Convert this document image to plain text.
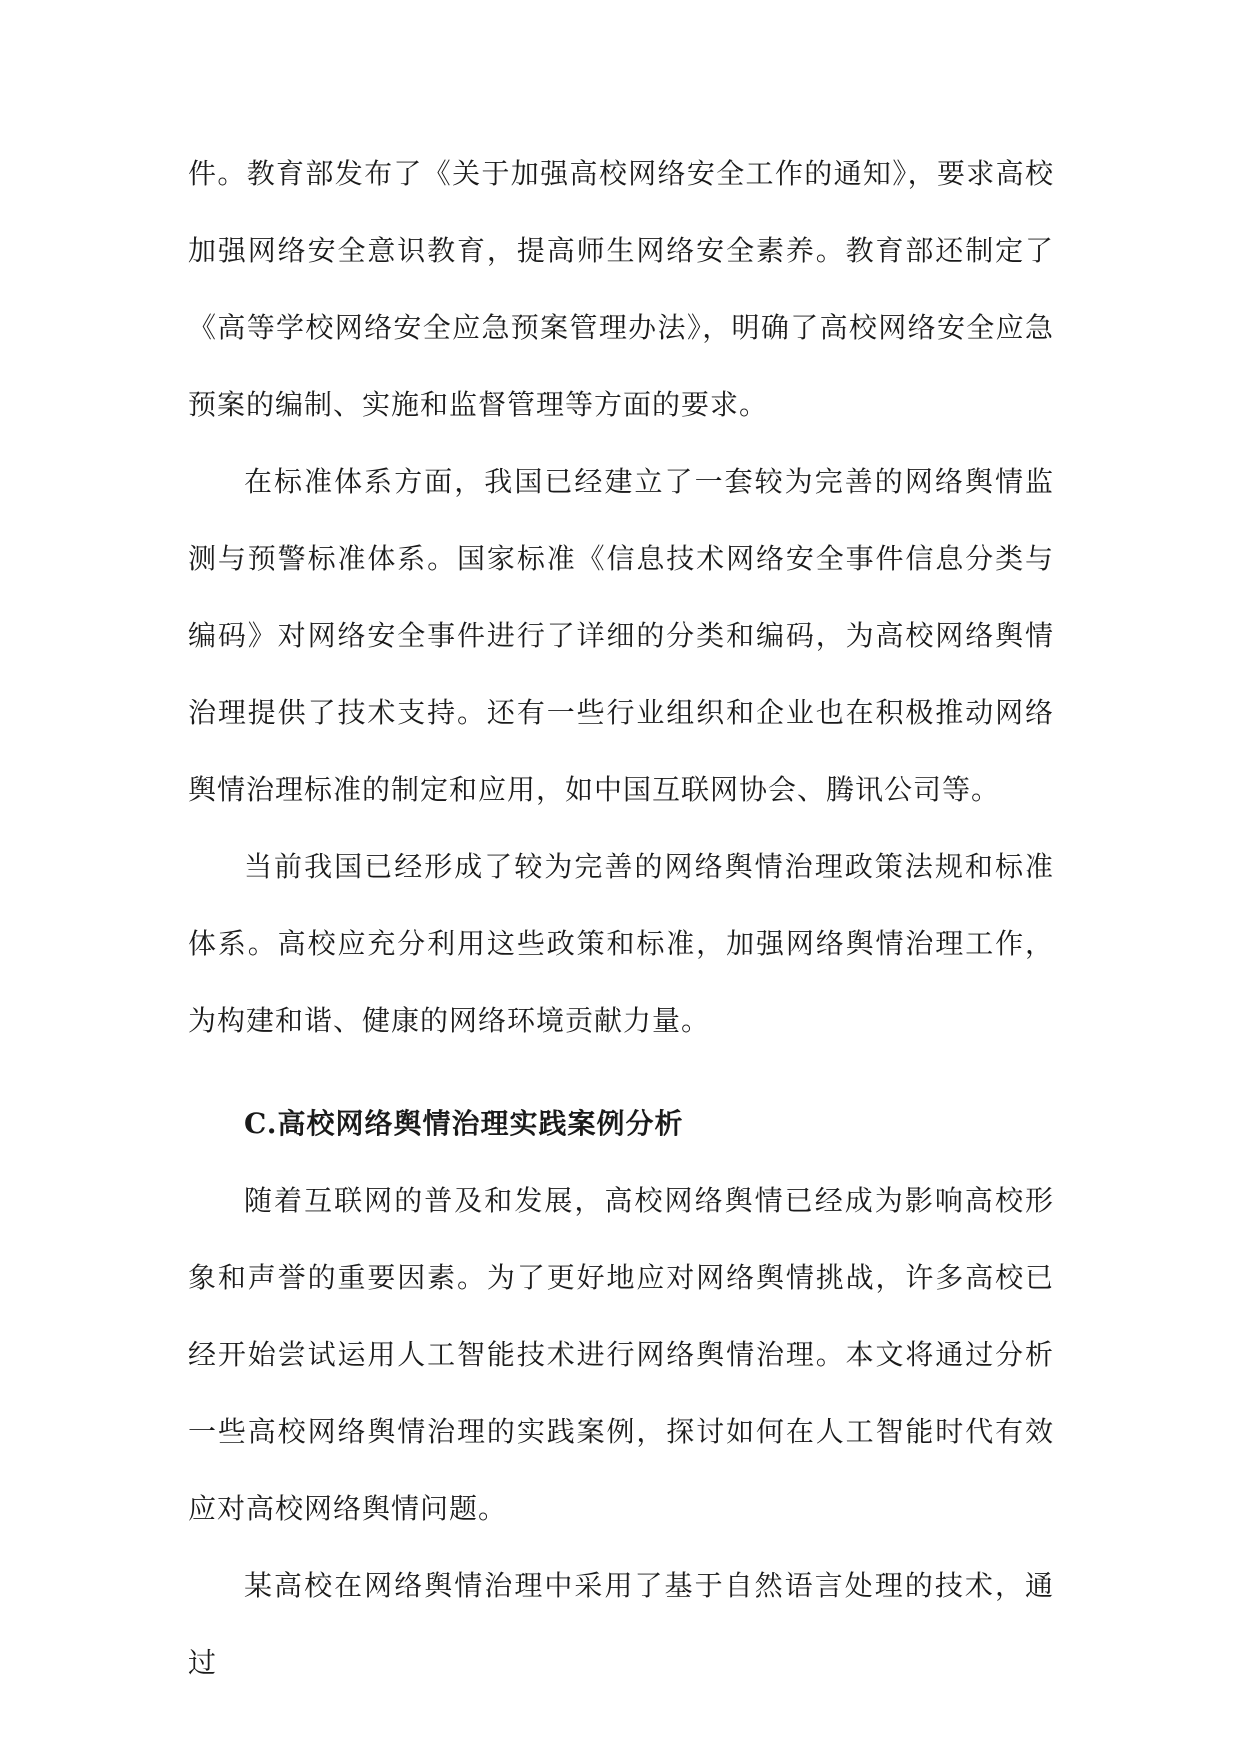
件。教育部发布了《关于加强高校网络安全工作的通知》，要求高校加强网络安全意识教育，提高师生网络安全素养。教育部还制定了《高等学校网络安全应急预案管理办法》，明确了高校网络安全应急预案的编制、实施和监督管理等方面的要求。

在标准体系方面，我国已经建立了一套较为完善的网络舆情监测与预警标准体系。国家标准《信息技术网络安全事件信息分类与编码》对网络安全事件进行了详细的分类和编码，为高校网络舆情治理提供了技术支持。还有一些行业组织和企业也在积极推动网络舆情治理标准的制定和应用，如中国互联网协会、腾讯公司等。

当前我国已经形成了较为完善的网络舆情治理政策法规和标准体系。高校应充分利用这些政策和标准，加强网络舆情治理工作，为构建和谐、健康的网络环境贡献力量。

C.高校网络舆情治理实践案例分析

随着互联网的普及和发展，高校网络舆情已经成为影响高校形象和声誉的重要因素。为了更好地应对网络舆情挑战，许多高校已经开始尝试运用人工智能技术进行网络舆情治理。本文将通过分析一些高校网络舆情治理的实践案例，探讨如何在人工智能时代有效应对高校网络舆情问题。

某高校在网络舆情治理中采用了基于自然语言处理的技术，通过
